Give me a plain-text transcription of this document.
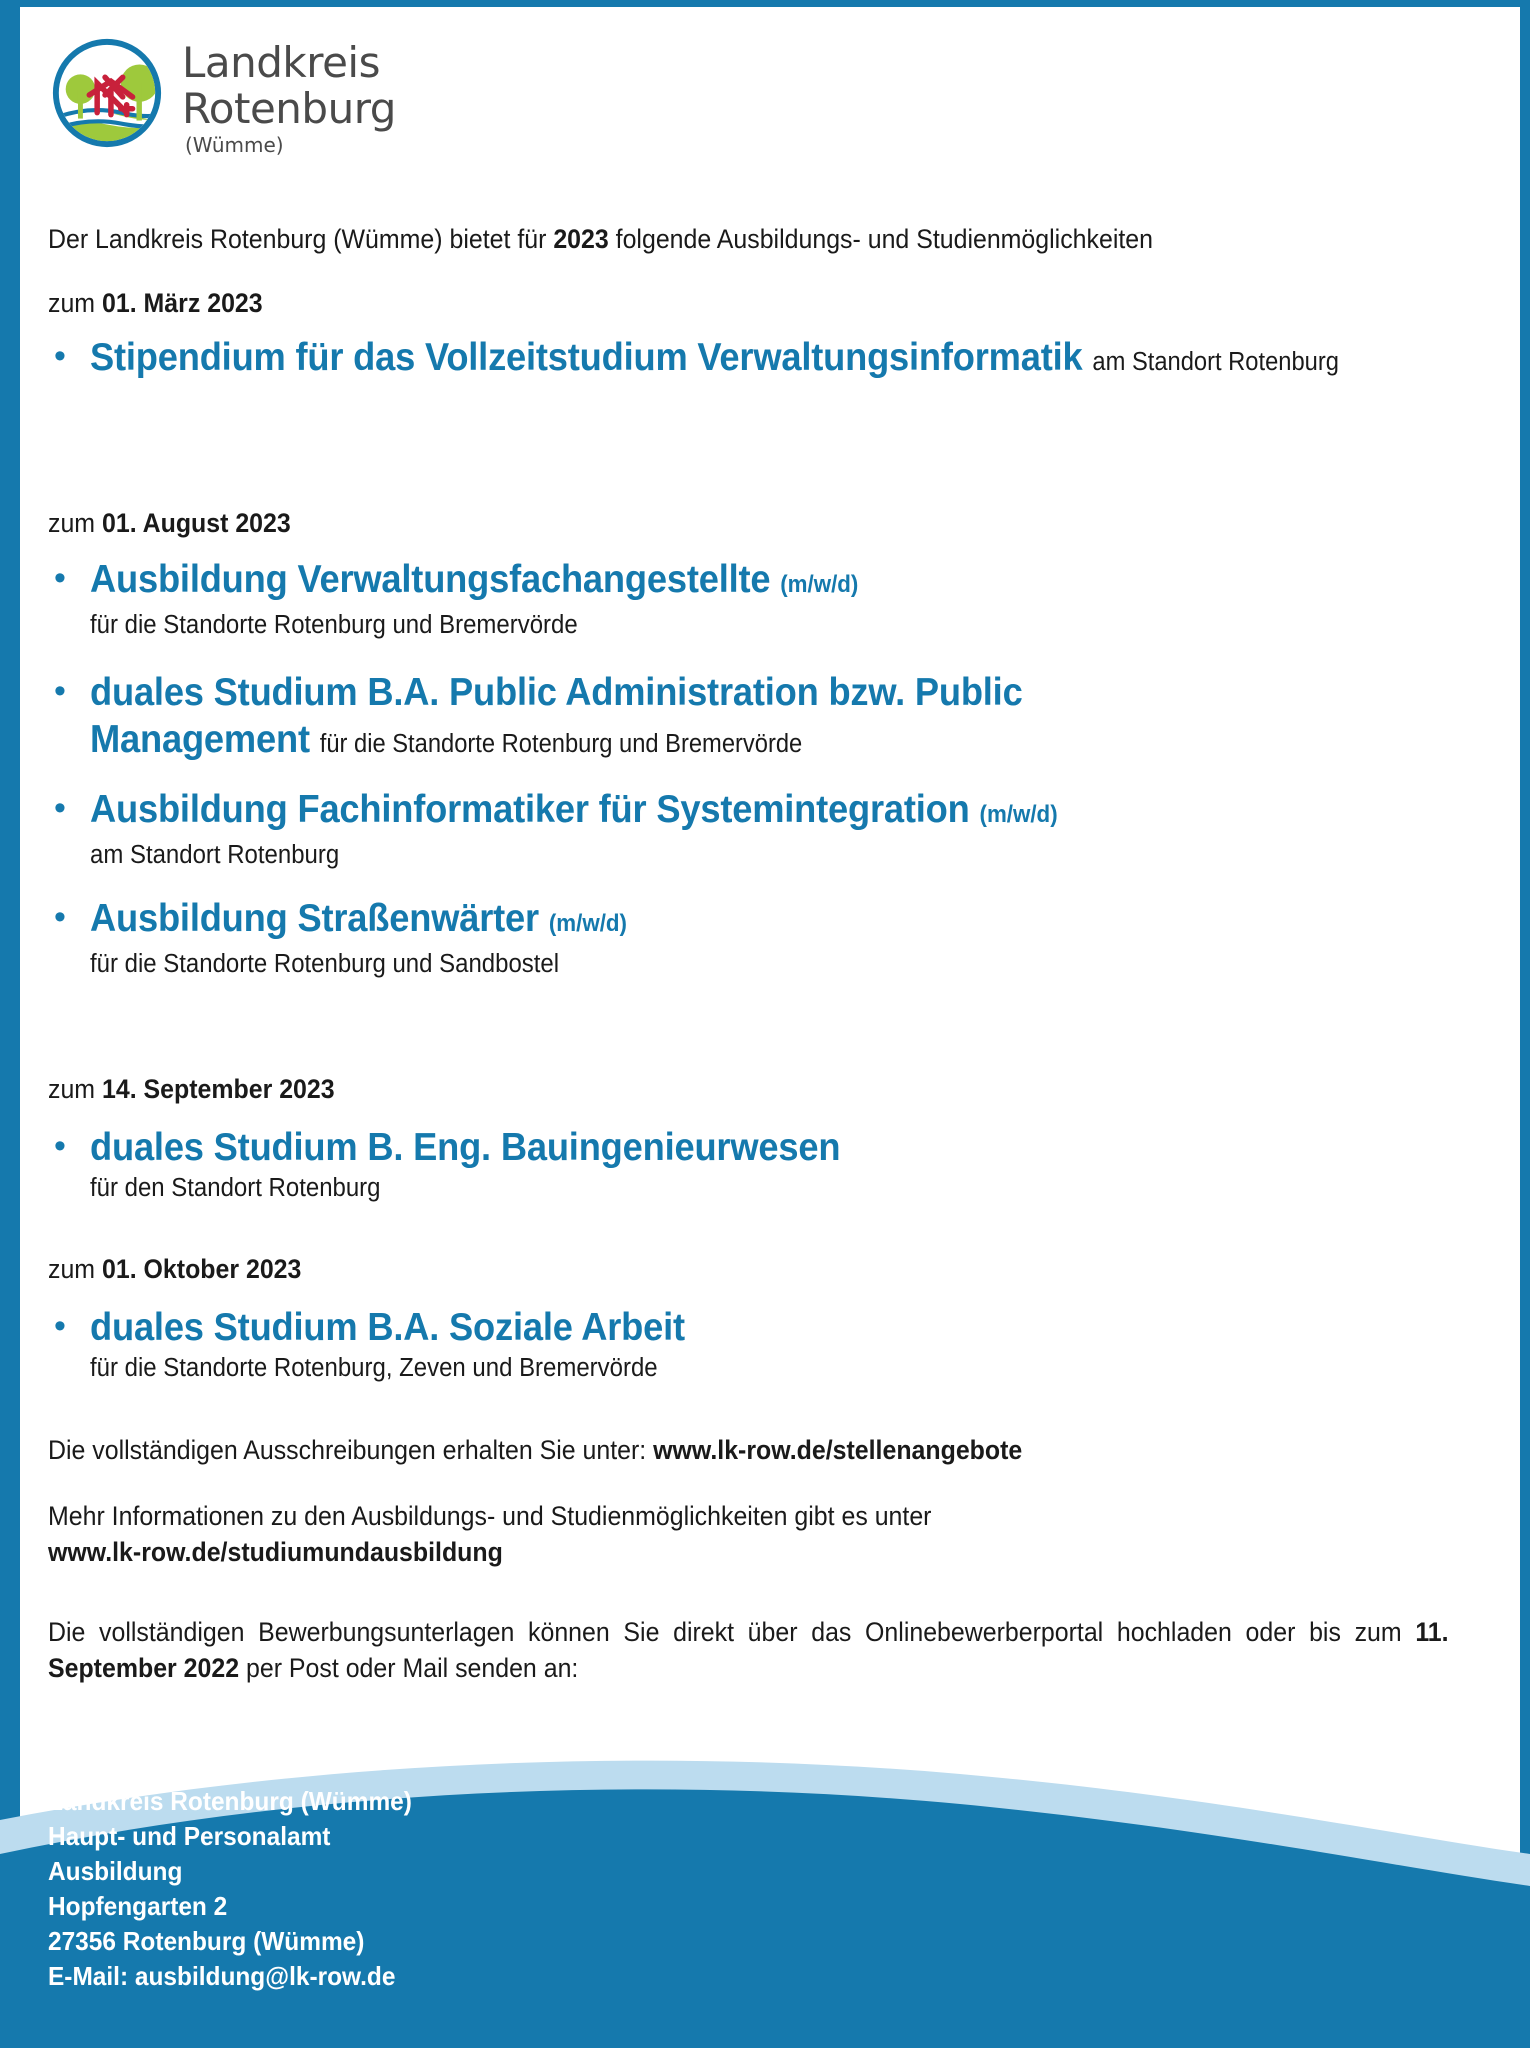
Landkreis
Rotenburg
(Wümme)
Der Landkreis Rotenburg (Wümme) bietet für 2023 folgende Ausbildungs- und Studienmöglichkeiten
zum 01. März 2023
• Stipendium für das Vollzeitstudium Verwaltungsinformatik am Standort Rotenburg
zum 01. August 2023
• Ausbildung Verwaltungsfachangestellte (m/w/d)
für die Standorte Rotenburg und Bremervörde
• duales Studium B.A. Public Administration bzw. Public Management für die Standorte Rotenburg und Bremervörde
• Ausbildung Fachinformatiker für Systemintegration (m/w/d)
am Standort Rotenburg
• Ausbildung Straßenwärter (m/w/d)
für die Standorte Rotenburg und Sandbostel
zum 14. September 2023
• duales Studium B. Eng. Bauingenieurwesen
für den Standort Rotenburg
zum 01. Oktober 2023
• duales Studium B.A. Soziale Arbeit
für die Standorte Rotenburg, Zeven und Bremervörde
Die vollständigen Ausschreibungen erhalten Sie unter: www.lk-row.de/stellenangebote
Mehr Informationen zu den Ausbildungs- und Studienmöglichkeiten gibt es unter
www.lk-row.de/studiumundausbildung
Die vollständigen Bewerbungsunterlagen können Sie direkt über das Onlinebewerberportal hochladen oder bis zum 11. September 2022 per Post oder Mail senden an:
Landkreis Rotenburg (Wümme)
Haupt- und Personalamt
Ausbildung
Hopfengarten 2
27356 Rotenburg (Wümme)
E-Mail: ausbildung@lk-row.de
